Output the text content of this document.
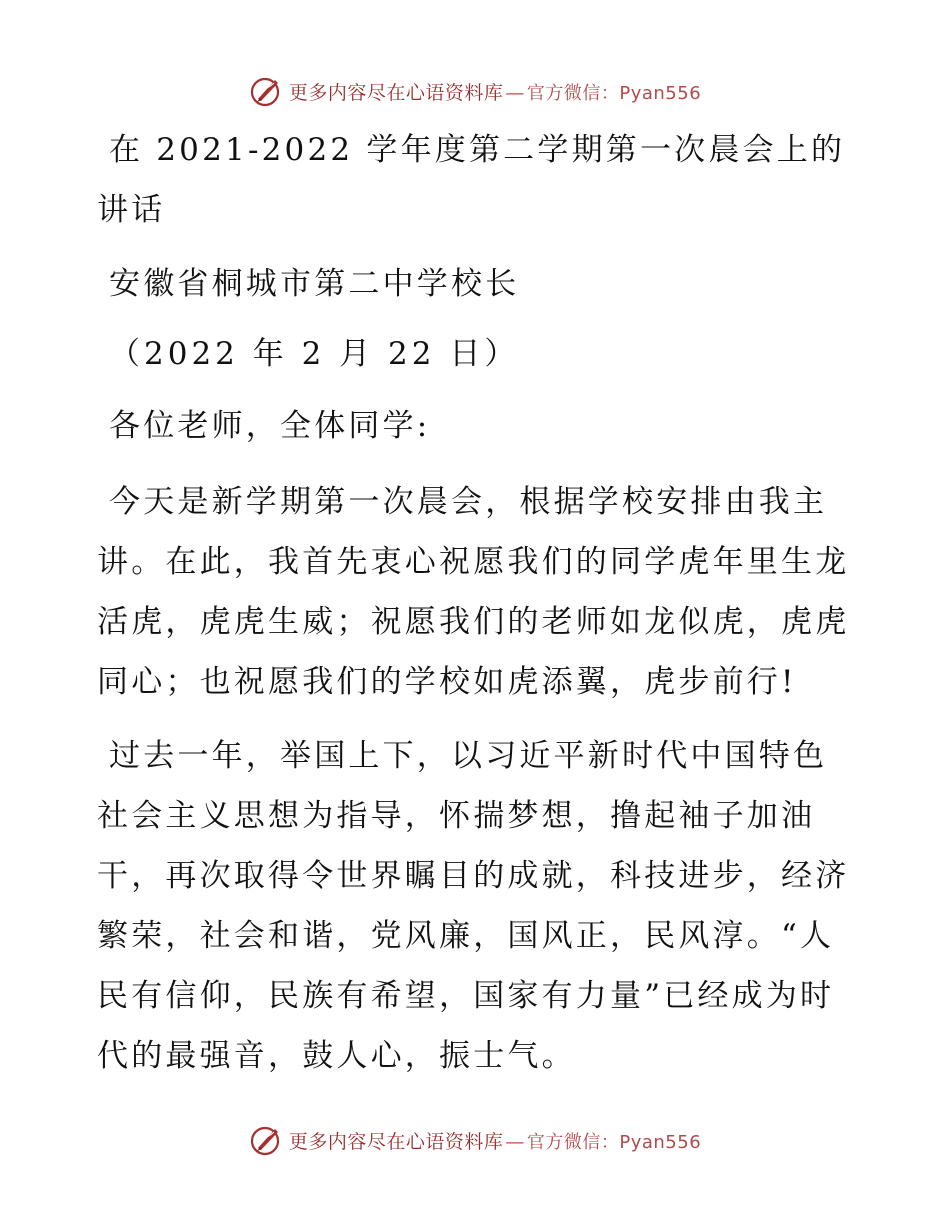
更多内容尽在心语资料库 — 官方微信：Pyan556

在 2021-2022 学年度第二学期第一次晨会上的讲话

安徽省桐城市第二中学校长

（2022 年 2 月 22 日）

各位老师，全体同学:

今天是新学期第一次晨会，根据学校安排由我主讲。在此，我首先衷心祝愿我们的同学虎年里生龙活虎，虎虎生威；祝愿我们的老师如龙似虎，虎虎同心；也祝愿我们的学校如虎添翼，虎步前行!

过去一年，举国上下，以习近平新时代中国特色社会主义思想为指导，怀揣梦想，撸起袖子加油干，再次取得令世界瞩目的成就，科技进步，经济繁荣，社会和谐，党风廉，国风正，民风淳。“人民有信仰，民族有希望，国家有力量”已经成为时代的最强音，鼓人心，振士气。

更多内容尽在心语资料库 — 官方微信：Pyan556
